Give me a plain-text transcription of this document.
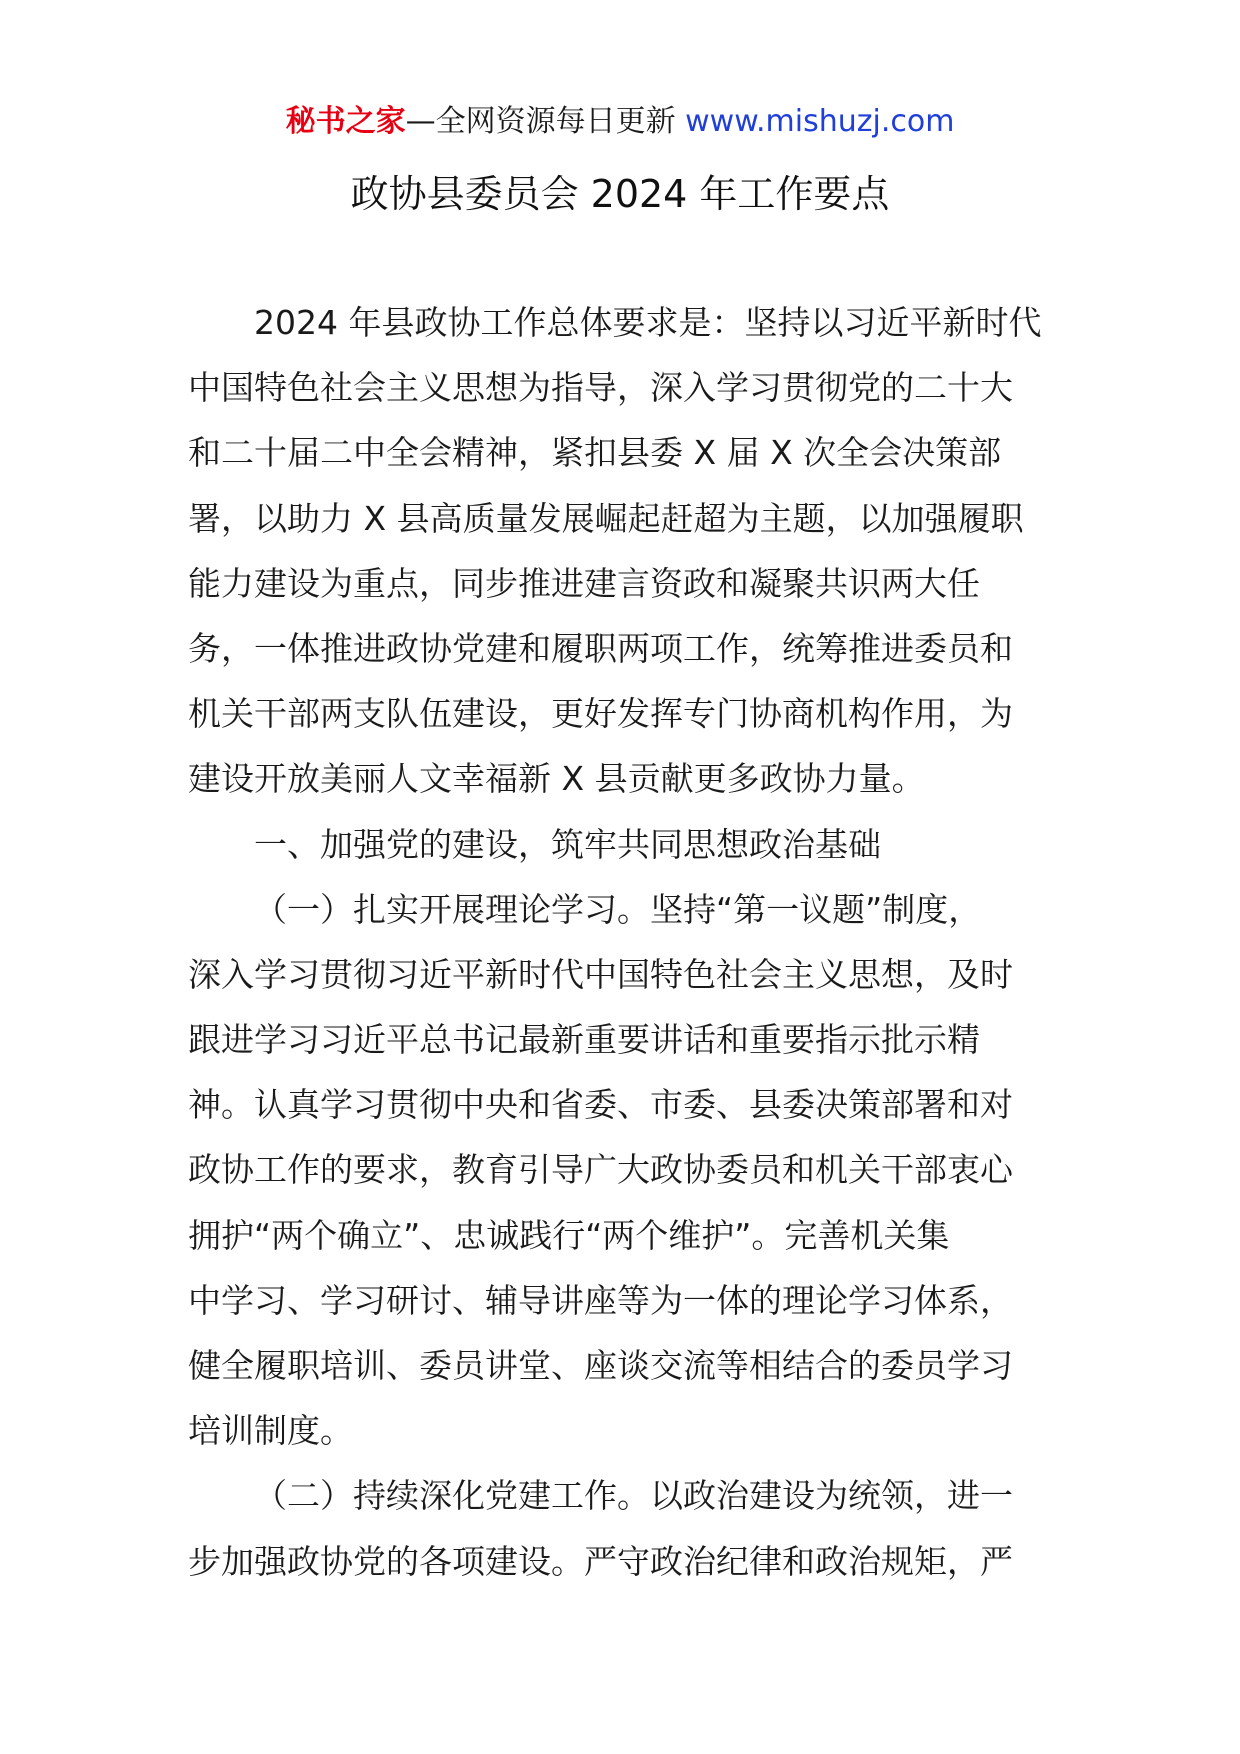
秘书之家—全网资源每日更新 www.mishuzj.com
政协县委员会 2024 年工作要点
2024 年县政协工作总体要求是：坚持以习近平新时代
中国特色社会主义思想为指导，深入学习贯彻党的二十大
和二十届二中全会精神，紧扣县委 X 届 X 次全会决策部
署，以助力 X 县高质量发展崛起赶超为主题，以加强履职
能力建设为重点，同步推进建言资政和凝聚共识两大任
务，一体推进政协党建和履职两项工作，统筹推进委员和
机关干部两支队伍建设，更好发挥专门协商机构作用，为
建设开放美丽人文幸福新 X 县贡献更多政协力量。
一、加强党的建设，筑牢共同思想政治基础
（一）扎实开展理论学习。坚持“第一议题”制度，
深入学习贯彻习近平新时代中国特色社会主义思想，及时
跟进学习习近平总书记最新重要讲话和重要指示批示精
神。认真学习贯彻中央和省委、市委、县委决策部署和对
政协工作的要求，教育引导广大政协委员和机关干部衷心
拥护“两个确立”、忠诚践行“两个维护”。完善机关集
中学习、学习研讨、辅导讲座等为一体的理论学习体系，
健全履职培训、委员讲堂、座谈交流等相结合的委员学习
培训制度。
（二）持续深化党建工作。以政治建设为统领，进一
步加强政协党的各项建设。严守政治纪律和政治规矩，严
